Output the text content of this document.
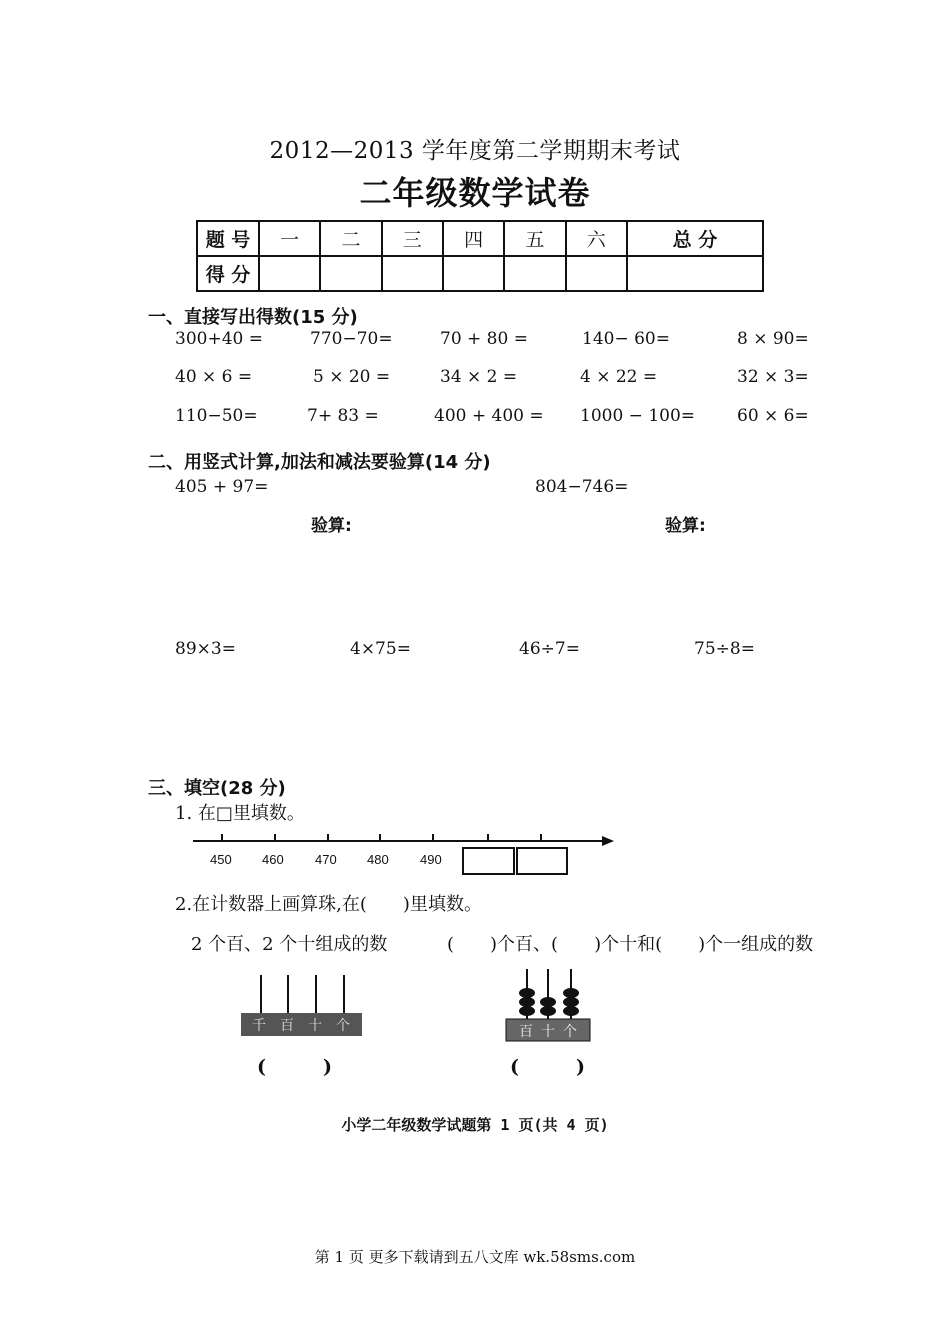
2012—2013 学年度第二学期期末考试
二年级数学试卷
题 号	一	二	三	四	五	六	总 分
得 分							
一、直接写出得数(15 分)
300+40 =	770−70=	70 + 80 =	140− 60=	8 × 90=
40 × 6 =	5 × 20 =	34 × 2 =	4 × 22 =	32 × 3=
110−50=	7+ 83 =	400 + 400 = 1000 − 100= 60 × 6=
二、用竖式计算,加法和减法要验算(14 分)
405 + 97=	804−746=
验算:	验算:
89×3=	4×75=	46÷7=	75÷8=
三、填空(28 分)
1. 在□里填数。
450 460 470 480 490
2.在计数器上画算珠,在(　　)里填数。
2 个百、2 个十组成的数	(　　)个百、(　　)个十和(　　)个一组成的数
千 百 十 个	百 十 个
(　　　)	(　　　)
小学二年级数学试题第 1 页(共 4 页)
第 1 页 更多下载请到五八文库 wk.58sms.com
